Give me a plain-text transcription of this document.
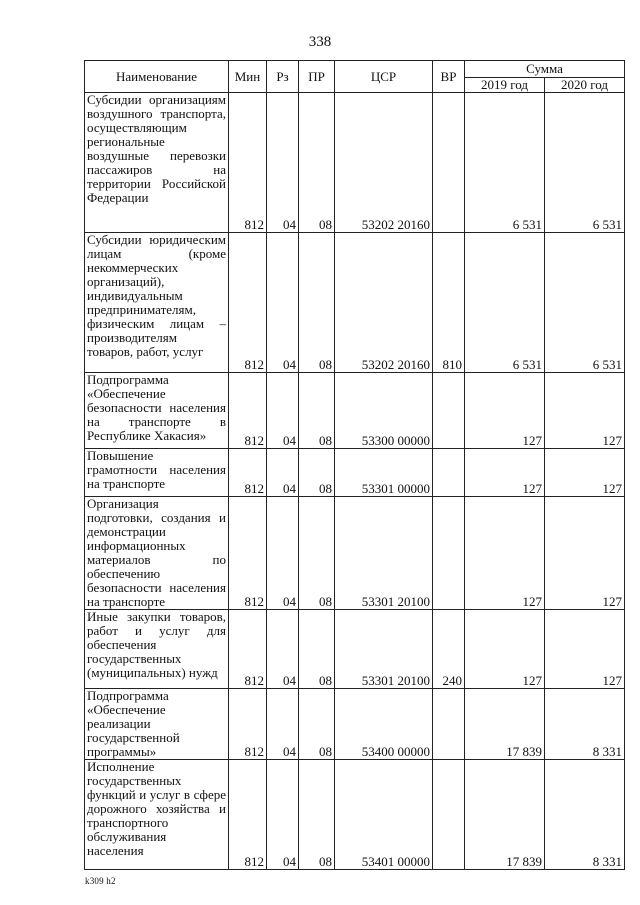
338
Наименование	Мин	Рз	ПР	ЦСР	ВР	Сумма	
						2019 год	2020 год
Субсидии организациям воздушного транспорта, осуществляющим региональные воздушные перевозки пассажиров на территории Российской Федерации	812	04	08	53202 20160		6 531	6 531
Субсидии юридическим лицам (кроме некоммерческих организаций), индивидуальным предпринимателям, физическим лицам – производителям товаров, работ, услуг	812	04	08	53202 20160	810	6 531	6 531
Подпрограмма «Обеспечение безопасности населения на транспорте в Республике Хакасия»	812	04	08	53300 00000		127	127
Повышение грамотности населения на транспорте	812	04	08	53301 00000		127	127
Организация подготовки, создания и демонстрации информационных материалов по обеспечению безопасности населения на транспорте	812	04	08	53301 20100		127	127
Иные закупки товаров, работ и услуг для обеспечения государственных (муниципальных) нужд	812	04	08	53301 20100	240	127	127
Подпрограмма «Обеспечение реализации государственной программы»	812	04	08	53400 00000		17 839	8 331
Исполнение государственных функций и услуг в сфере дорожного хозяйства и транспортного обслуживания населения	812	04	08	53401 00000		17 839	8 331
k309 h2
